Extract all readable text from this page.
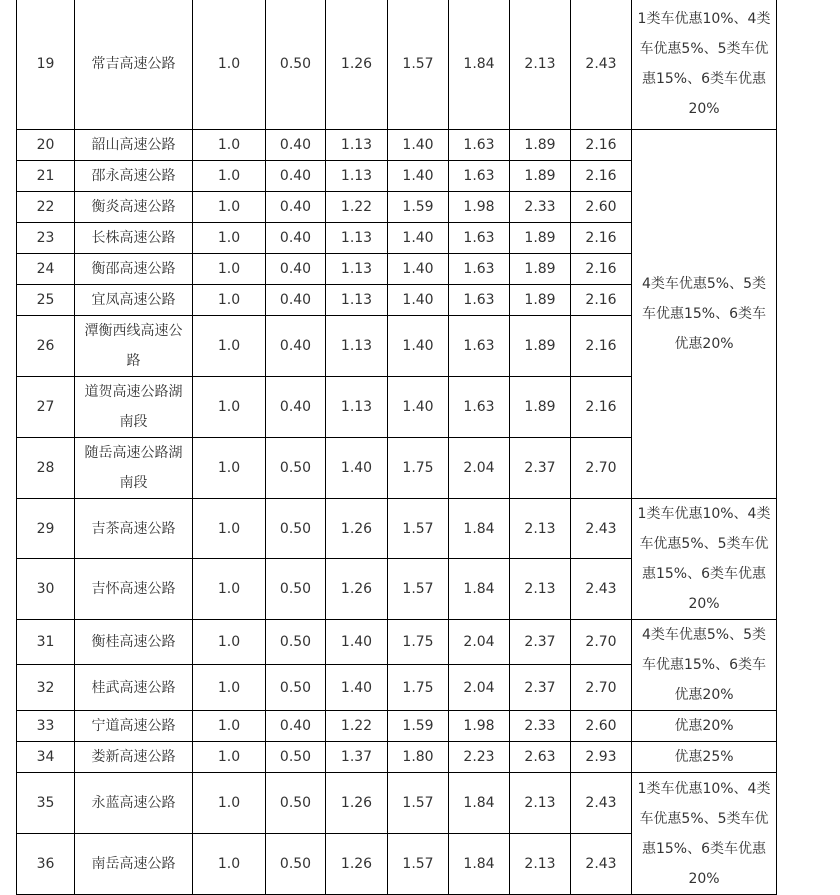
19	常吉高速公路	1.0	0.50	1.26	1.57	1.84	2.13	2.43	1类车优惠10%、4类车优惠5%、5类车优惠15%、6类车优惠20%
20	韶山高速公路	1.0	0.40	1.13	1.40	1.63	1.89	2.16	4类车优惠5%、5类车优惠15%、6类车优惠20%
21	邵永高速公路	1.0	0.40	1.13	1.40	1.63	1.89	2.16	
22	衡炎高速公路	1.0	0.40	1.22	1.59	1.98	2.33	2.60	
23	长株高速公路	1.0	0.40	1.13	1.40	1.63	1.89	2.16	
24	衡邵高速公路	1.0	0.40	1.13	1.40	1.63	1.89	2.16	
25	宜凤高速公路	1.0	0.40	1.13	1.40	1.63	1.89	2.16	
26	潭衡西线高速公路	1.0	0.40	1.13	1.40	1.63	1.89	2.16	
27	道贺高速公路湖南段	1.0	0.40	1.13	1.40	1.63	1.89	2.16	
28	随岳高速公路湖南段	1.0	0.50	1.40	1.75	2.04	2.37	2.70	
29	吉茶高速公路	1.0	0.50	1.26	1.57	1.84	2.13	2.43	1类车优惠10%、4类车优惠5%、5类车优惠15%、6类车优惠20%
30	吉怀高速公路	1.0	0.50	1.26	1.57	1.84	2.13	2.43	
31	衡桂高速公路	1.0	0.50	1.40	1.75	2.04	2.37	2.70	4类车优惠5%、5类车优惠15%、6类车优惠20%
32	桂武高速公路	1.0	0.50	1.40	1.75	2.04	2.37	2.70	
33	宁道高速公路	1.0	0.40	1.22	1.59	1.98	2.33	2.60	优惠20%
34	娄新高速公路	1.0	0.50	1.37	1.80	2.23	2.63	2.93	优惠25%
35	永蓝高速公路	1.0	0.50	1.26	1.57	1.84	2.13	2.43	1类车优惠10%、4类车优惠5%、5类车优惠15%、6类车优惠20%
36	南岳高速公路	1.0	0.50	1.26	1.57	1.84	2.13	2.43	
